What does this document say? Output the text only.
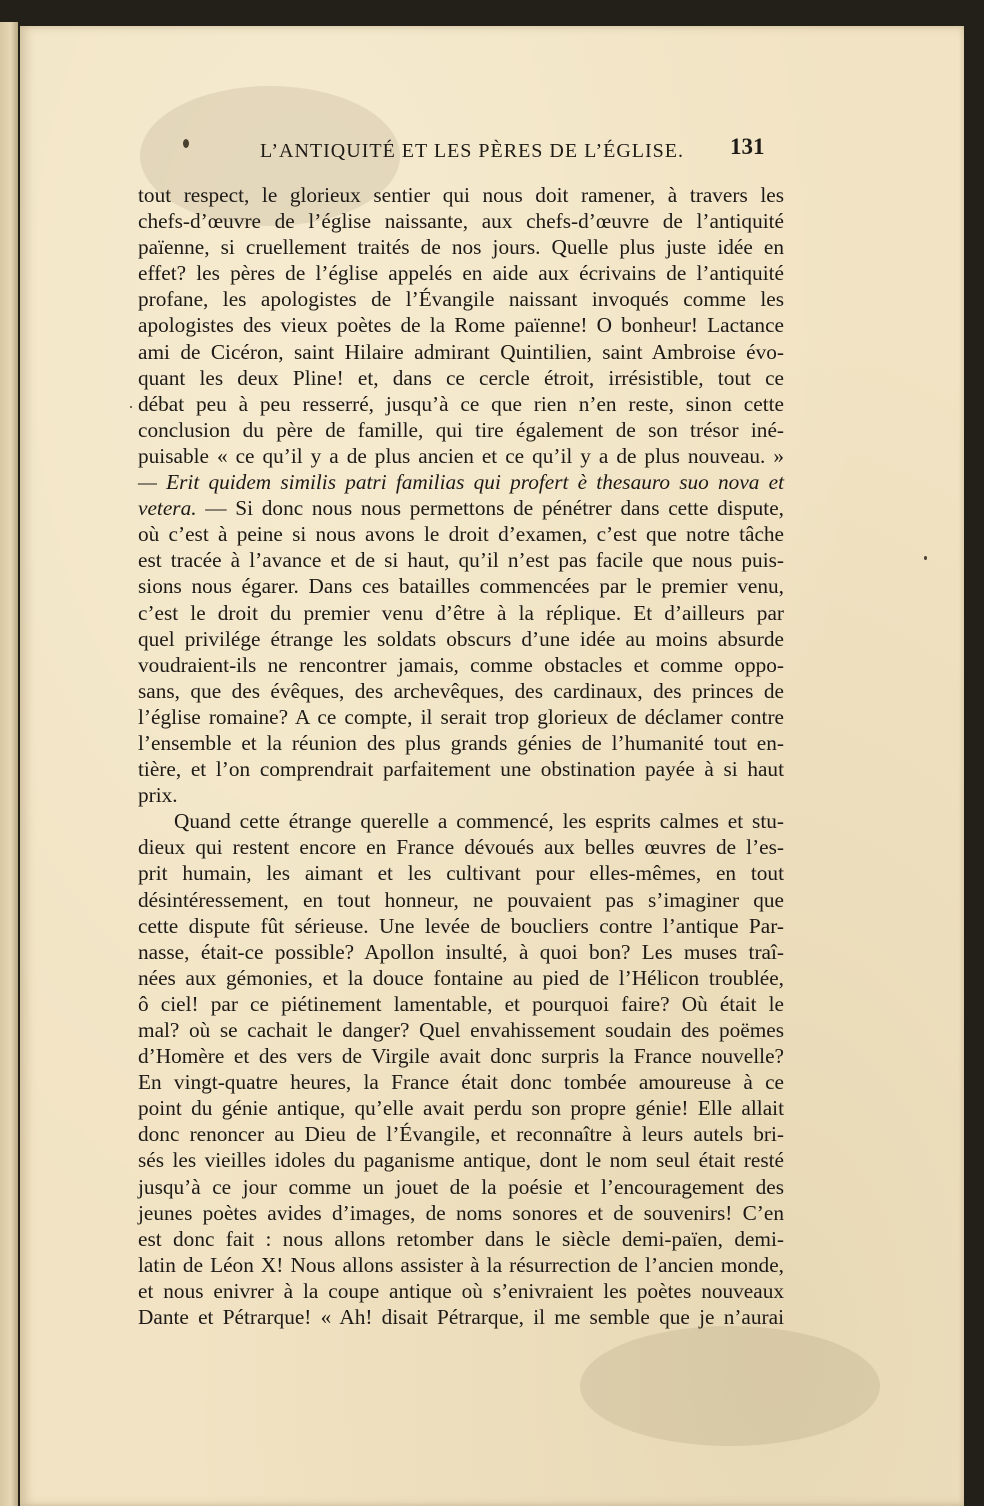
L’ANTIQUITÉ ET LES PÈRES DE L’ÉGLISE. 131
tout respect, le glorieux sentier qui nous doit ramener, à travers les
chefs-d’œuvre de l’église naissante, aux chefs-d’œuvre de l’antiquité
païenne, si cruellement traités de nos jours. Quelle plus juste idée en
effet? les pères de l’église appelés en aide aux écrivains de l’antiquité
profane, les apologistes de l’Évangile naissant invoqués comme les
apologistes des vieux poètes de la Rome païenne! O bonheur! Lactance
ami de Cicéron, saint Hilaire admirant Quintilien, saint Ambroise évo-
quant les deux Pline! et, dans ce cercle étroit, irrésistible, tout ce
débat peu à peu resserré, jusqu’à ce que rien n’en reste, sinon cette
conclusion du père de famille, qui tire également de son trésor iné-
puisable « ce qu’il y a de plus ancien et ce qu’il y a de plus nouveau. »
— Erit quidem similis patri familias qui profert è thesauro suo nova et
vetera. — Si donc nous nous permettons de pénétrer dans cette dispute,
où c’est à peine si nous avons le droit d’examen, c’est que notre tâche
est tracée à l’avance et de si haut, qu’il n’est pas facile que nous puis-
sions nous égarer. Dans ces batailles commencées par le premier venu,
c’est le droit du premier venu d’être à la réplique. Et d’ailleurs par
quel privilége étrange les soldats obscurs d’une idée au moins absurde
voudraient-ils ne rencontrer jamais, comme obstacles et comme oppo-
sans, que des évêques, des archevêques, des cardinaux, des princes de
l’église romaine? A ce compte, il serait trop glorieux de déclamer contre
l’ensemble et la réunion des plus grands génies de l’humanité tout en-
tière, et l’on comprendrait parfaitement une obstination payée à si haut
prix.
Quand cette étrange querelle a commencé, les esprits calmes et stu-
dieux qui restent encore en France dévoués aux belles œuvres de l’es-
prit humain, les aimant et les cultivant pour elles-mêmes, en tout
désintéressement, en tout honneur, ne pouvaient pas s’imaginer que
cette dispute fût sérieuse. Une levée de boucliers contre l’antique Par-
nasse, était-ce possible? Apollon insulté, à quoi bon? Les muses traî-
nées aux gémonies, et la douce fontaine au pied de l’Hélicon troublée,
ô ciel! par ce piétinement lamentable, et pourquoi faire? Où était le
mal? où se cachait le danger? Quel envahissement soudain des poëmes
d’Homère et des vers de Virgile avait donc surpris la France nouvelle?
En vingt-quatre heures, la France était donc tombée amoureuse à ce
point du génie antique, qu’elle avait perdu son propre génie! Elle allait
donc renoncer au Dieu de l’Évangile, et reconnaître à leurs autels bri-
sés les vieilles idoles du paganisme antique, dont le nom seul était resté
jusqu’à ce jour comme un jouet de la poésie et l’encouragement des
jeunes poètes avides d’images, de noms sonores et de souvenirs! C’en
est donc fait : nous allons retomber dans le siècle demi-païen, demi-
latin de Léon X! Nous allons assister à la résurrection de l’ancien monde,
et nous enivrer à la coupe antique où s’enivraient les poètes nouveaux
Dante et Pétrarque! « Ah! disait Pétrarque, il me semble que je n’aurai
